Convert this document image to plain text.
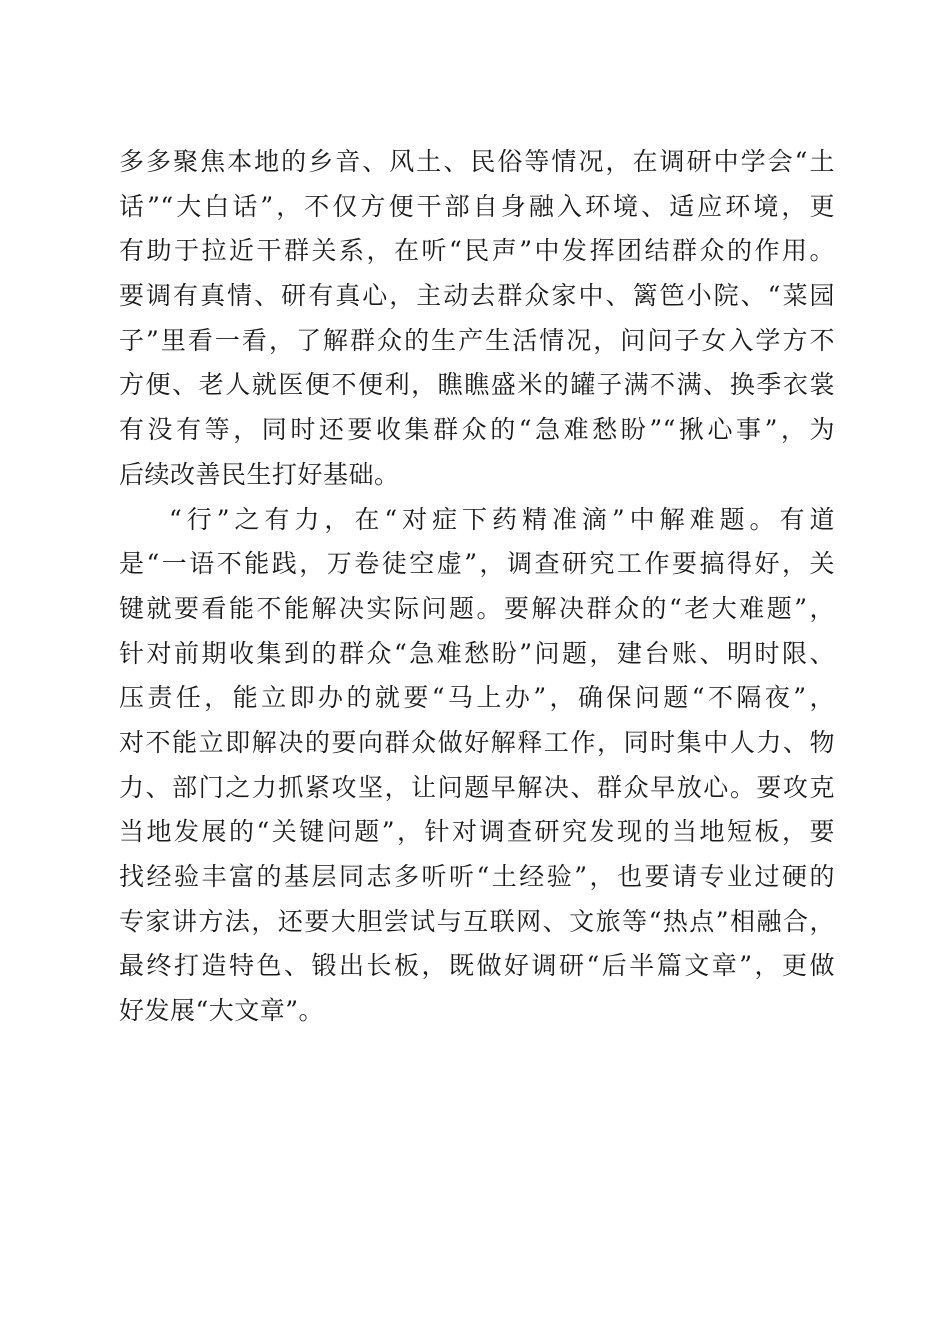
多多聚焦本地的乡音、风土、民俗等情况，在调研中学会“土
话”“大白话”，不仅方便干部自身融入环境、适应环境，更
有助于拉近干群关系，在听“民声”中发挥团结群众的作用。
要调有真情、研有真心，主动去群众家中、篱笆小院、“菜园
子”里看一看，了解群众的生产生活情况，问问子女入学方不
方便、老人就医便不便利，瞧瞧盛米的罐子满不满、换季衣裳
有没有等，同时还要收集群众的“急难愁盼”“揪心事”，为
后续改善民生打好基础。
“行”之有力，在“对症下药精准滴”中解难题。有道
是“一语不能践，万卷徒空虚”，调查研究工作要搞得好，关
键就要看能不能解决实际问题。要解决群众的“老大难题”，
针对前期收集到的群众“急难愁盼”问题，建台账、明时限、
压责任，能立即办的就要“马上办”，确保问题“不隔夜”，
对不能立即解决的要向群众做好解释工作，同时集中人力、物
力、部门之力抓紧攻坚，让问题早解决、群众早放心。要攻克
当地发展的“关键问题”，针对调查研究发现的当地短板，要
找经验丰富的基层同志多听听“土经验”，也要请专业过硬的
专家讲方法，还要大胆尝试与互联网、文旅等“热点”相融合，
最终打造特色、锻出长板，既做好调研“后半篇文章”，更做
好发展“大文章”。
